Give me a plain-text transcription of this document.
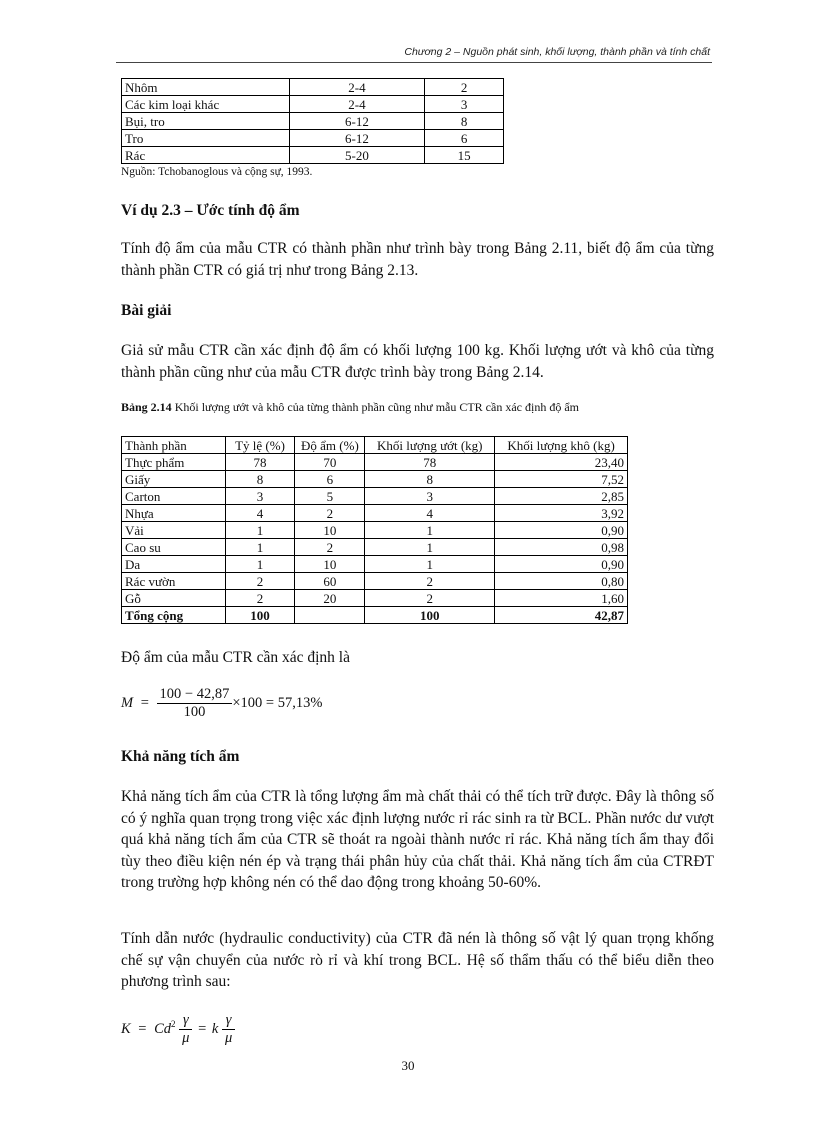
Chương 2 – Nguồn phát sinh, khối lượng, thành phần và tính chất
Nhôm	2-4	2
Các kim loại khác	2-4	3
Bụi, tro	6-12	8
Tro	6-12	6
Rác	5-20	15
Nguồn: Tchobanoglous và cộng sự, 1993.
Ví dụ 2.3 – Ước tính độ ẩm
Tính độ ẩm của mẫu CTR có thành phần như trình bày trong Bảng 2.11, biết độ ẩm của từng thành phần CTR có giá trị như trong Bảng 2.13.
Bài giải
Giả sử mẫu CTR cần xác định độ ẩm có khối lượng 100 kg. Khối lượng ướt và khô của từng thành phần cũng như của mẫu CTR được trình bày trong Bảng 2.14.
Bảng 2.14 Khối lượng ướt và khô của từng thành phần cũng như mẫu CTR cần xác định độ ẩm
Thành phần	Tỷ lệ (%)	Độ ẩm (%)	Khối lượng ướt (kg)	Khối lượng khô (kg)
Thực phẩm	78	70	78	23,40
Giấy	8	6	8	7,52
Carton	3	5	3	2,85
Nhựa	4	2	4	3,92
Vải	1	10	1	0,90
Cao su	1	2	1	0,98
Da	1	10	1	0,90
Rác vườn	2	60	2	0,80
Gỗ	2	20	2	1,60
Tổng cộng	100		100	42,87
Độ ẩm của mẫu CTR cần xác định là
$M = \frac{100 - 42,87}{100} \times 100 = 57,13\%$
Khả năng tích ẩm
Khả năng tích ẩm của CTR là tổng lượng ẩm mà chất thải có thể tích trữ được. Đây là thông số có ý nghĩa quan trọng trong việc xác định lượng nước rỉ rác sinh ra từ BCL. Phần nước dư vượt quá khả năng tích ẩm của CTR sẽ thoát ra ngoài thành nước rỉ rác. Khả năng tích ẩm thay đổi tùy theo điều kiện nén ép và trạng thái phân hủy của chất thải. Khả năng tích ẩm của CTRĐT trong trường hợp không nén có thể dao động trong khoảng 50-60%.
Tính dẫn nước (hydraulic conductivity) của CTR đã nén là thông số vật lý quan trọng khống chế sự vận chuyển của nước rò rỉ và khí trong BCL. Hệ số thẩm thấu có thể biểu diễn theo phương trình sau:
$K = Cd^2 \frac{\gamma}{\mu} = k \frac{\gamma}{\mu}$
30
